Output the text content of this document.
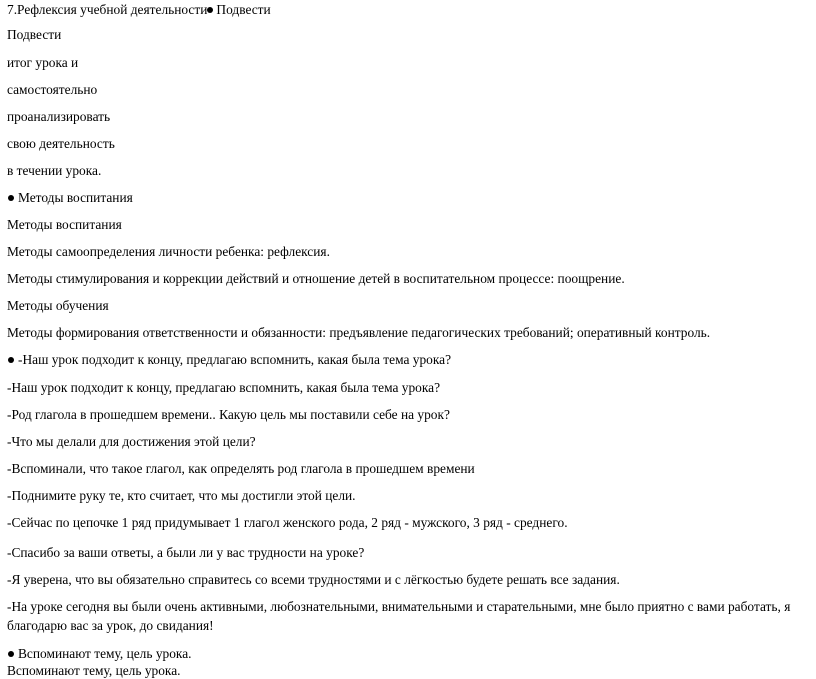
7.Рефлексия учебной деятельности Подвести
Подвести
итог урока и
самостоятельно
проанализировать
свою деятельность
в течении урока.
Методы воспитания
Методы воспитания
Методы самоопределения личности ребенка: рефлексия.
Методы стимулирования и коррекции действий и отношение детей в воспитательном процессе: поощрение.
Методы обучения
Методы формирования ответственности и обязанности: предъявление педагогических требований; оперативный контроль.
-Наш урок подходит к концу, предлагаю вспомнить, какая была тема урока?
-Наш урок подходит к концу, предлагаю вспомнить, какая была тема урока?
-Род глагола в прошедшем времени.. Какую цель мы поставили себе на урок?
-Что мы делали для достижения этой цели?
-Вспоминали, что такое глагол, как определять род глагола в прошедшем времени
-Поднимите руку те, кто считает, что мы достигли этой цели.
-Сейчас по цепочке 1 ряд придумывает 1 глагол женского рода, 2 ряд - мужского, 3 ряд - среднего.
-Спасибо за ваши ответы, а были ли у вас трудности на уроке?
-Я уверена, что вы обязательно справитесь со всеми трудностями и с лёгкостью будете решать все задания.
-На уроке сегодня вы были очень активными, любознательными, внимательными и старательными, мне было приятно с вами работать, я благодарю вас за урок, до свидания!
Вспоминают тему, цель урока.
Вспоминают тему, цель урока.
